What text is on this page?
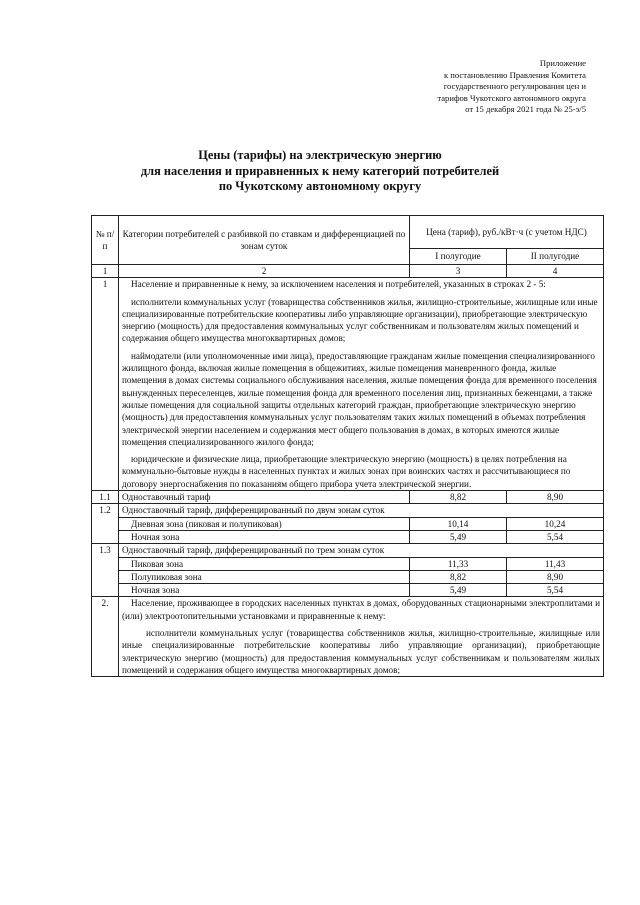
Приложение
к постановлению Правления Комитета
государственного регулирования цен и
тарифов Чукотского автономного округа
от 15 декабря 2021 года № 25-э/5
Цены (тарифы) на электрическую энергию
для населения и приравненных к нему категорий потребителей
по Чукотскому автономному округу
№ п/п	Категории потребителей с разбивкой по ставкам и дифференциацией по зонам суток	Цена (тариф), руб./кВт·ч (с учетом НДС)	
		I полугодие	II полугодие
1	2	3	4
1	Население и приравненные к нему, за исключением населения и потребителей, указанных в строках 2 - 5:

исполнители коммунальных услуг (товарищества собственников жилья, жилищно-строительные, жилищные или иные специализированные потребительские кооперативы либо управляющие организации), приобретающие электрическую энергию (мощность) для предоставления коммунальных услуг собственникам и пользователям жилых помещений и содержания общего имущества многоквартирных домов;

наймодатели (или уполномоченные ими лица), предоставляющие гражданам жилые помещения специализированного жилищного фонда, включая жилые помещения в общежитиях, жилые помещения маневренного фонда, жилые помещения в домах системы социального обслуживания населения, жилые помещения фонда для временного поселения вынужденных переселенцев, жилые помещения фонда для временного поселения лиц, признанных беженцами, а также жилые помещения для социальной защиты отдельных категорий граждан, приобретающие электрическую энергию (мощность) для предоставления коммунальных услуг пользователям таких жилых помещений в объемах потребления электрической энергии населением и содержания мест общего пользования в домах, в которых имеются жилые помещения специализированного жилого фонда;

юридические и физические лица, приобретающие электрическую энергию (мощность) в целях потребления на коммунально-бытовые нужды в населенных пунктах и жилых зонах при воинских частях и рассчитывающиеся по договору энергоснабжения по показаниям общего прибора учета электрической энергии.		

1.1	Одноставочный тариф	8,82	8,90
1.2	Одноставочный тариф, дифференцированный по двум зонам суток		
	Дневная зона (пиковая и полупиковая)	10,14	10,24
	Ночная зона	5,49	5,54
1.3	Одноставочный тариф, дифференцированный по трем зонам суток		
	Пиковая зона	11,33	11,43
	Полупиковая зона	8,82	8,90
	Ночная зона	5,49	5,54
2.	Население, проживающее в городских населенных пунктах в домах, оборудованных стационарными электроплитами и (или) электроотопительными установками и приравненные к нему:

исполнители коммунальных услуг (товарищества собственников жилья, жилищно-строительные, жилищные или иные специализированные потребительские кооперативы либо управляющие организации), приобретающие электрическую энергию (мощность) для предоставления коммунальных услуг собственникам и пользователям жилых помещений и содержания общего имущества многоквартирных домов;		
